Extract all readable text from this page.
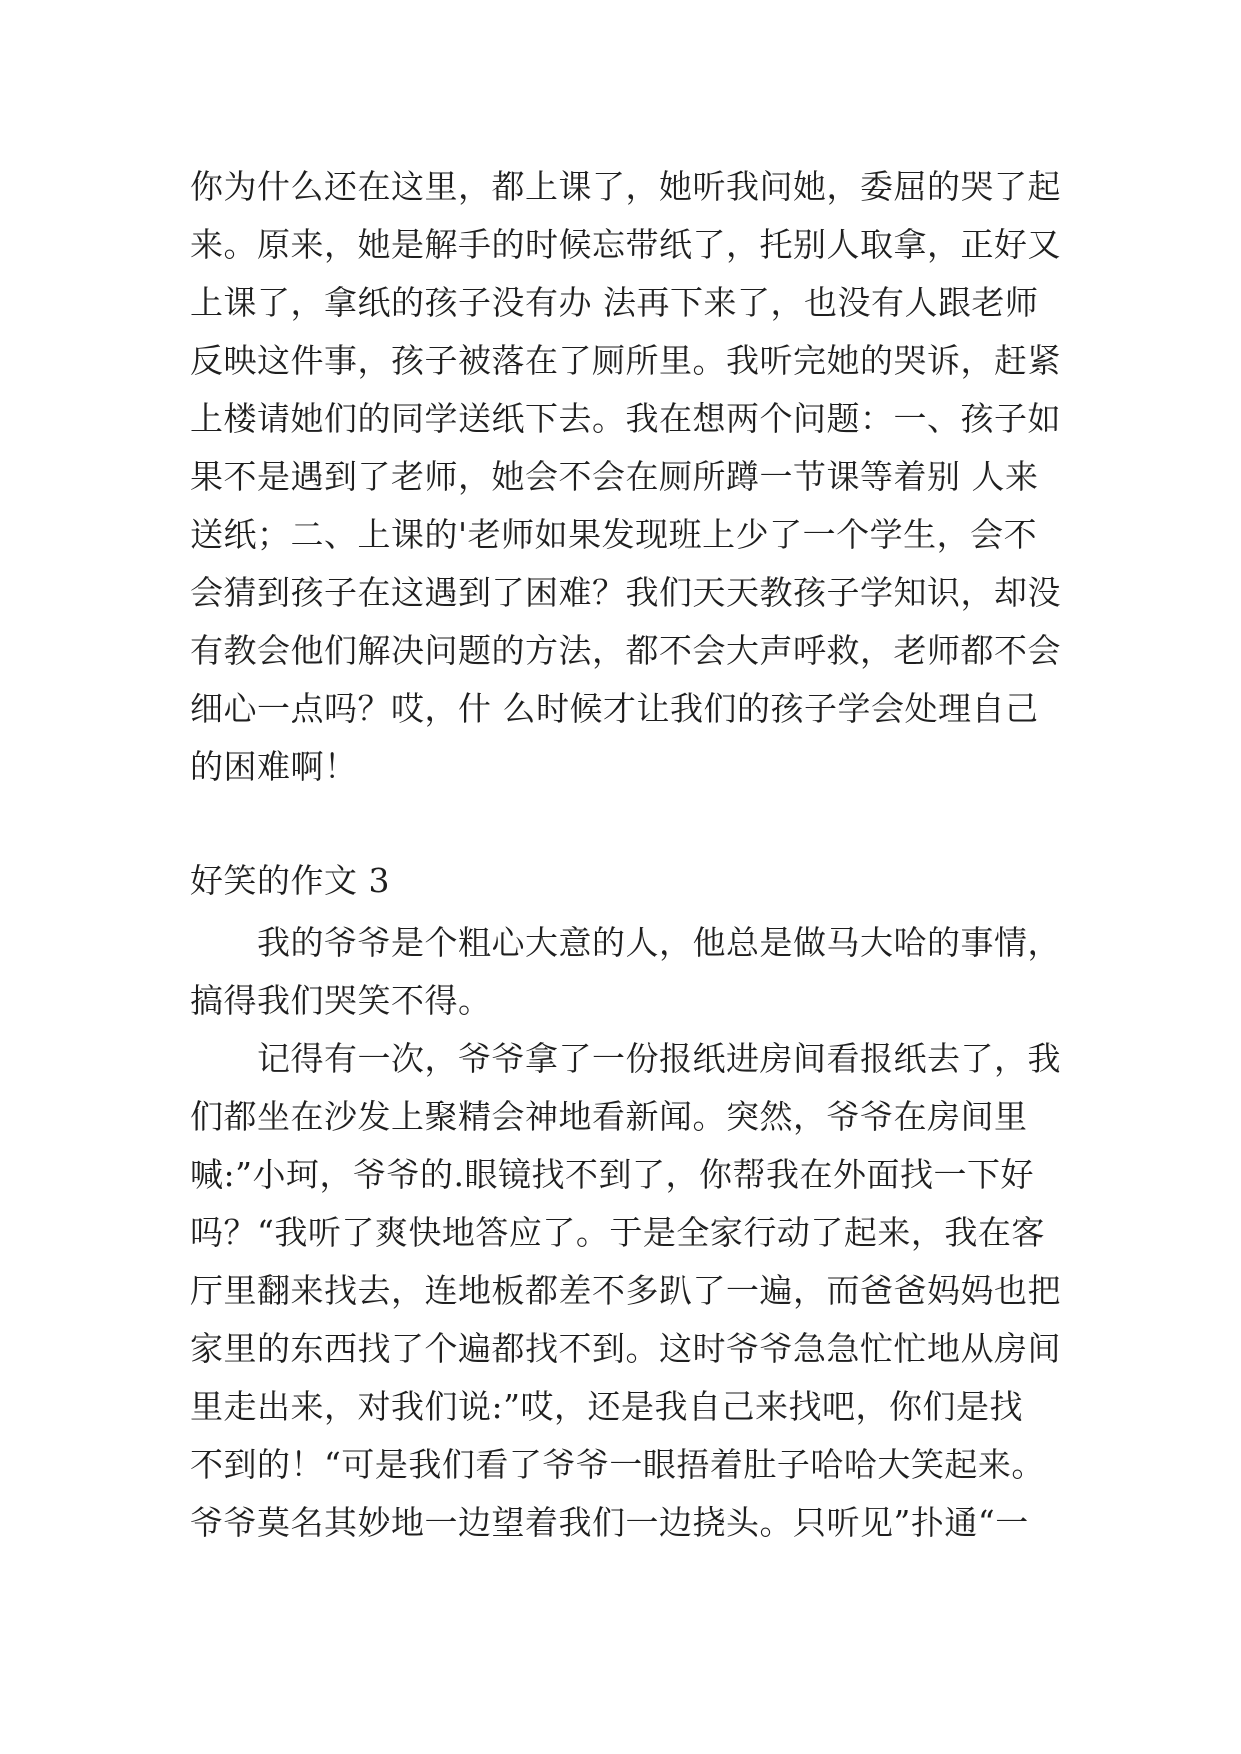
你为什么还在这里，都上课了，她听我问她，委屈的哭了起
来。原来，她是解手的时候忘带纸了，托别人取拿，正好又
上课了，拿纸的孩子没有办 法再下来了，也没有人跟老师
反映这件事，孩子被落在了厕所里。我听完她的哭诉，赶紧
上楼请她们的同学送纸下去。我在想两个问题：一、孩子如
果不是遇到了老师，她会不会在厕所蹲一节课等着别 人来
送纸；二、上课的'老师如果发现班上少了一个学生，会不
会猜到孩子在这遇到了困难？我们天天教孩子学知识，却没
有教会他们解决问题的方法，都不会大声呼救，老师都不会
细心一点吗？哎，什 么时候才让我们的孩子学会处理自己
的困难啊！
好笑的作文 3
　　我的爷爷是个粗心大意的人，他总是做马大哈的事情，
搞得我们哭笑不得。
　　记得有一次，爷爷拿了一份报纸进房间看报纸去了，我
们都坐在沙发上聚精会神地看新闻。突然，爷爷在房间里
喊:”小珂，爷爷的.眼镜找不到了，你帮我在外面找一下好
吗？“我听了爽快地答应了。于是全家行动了起来，我在客
厅里翻来找去，连地板都差不多趴了一遍，而爸爸妈妈也把
家里的东西找了个遍都找不到。这时爷爷急急忙忙地从房间
里走出来，对我们说:”哎，还是我自己来找吧，你们是找
不到的！“可是我们看了爷爷一眼捂着肚子哈哈大笑起来。
爷爷莫名其妙地一边望着我们一边挠头。只听见”扑通“一
